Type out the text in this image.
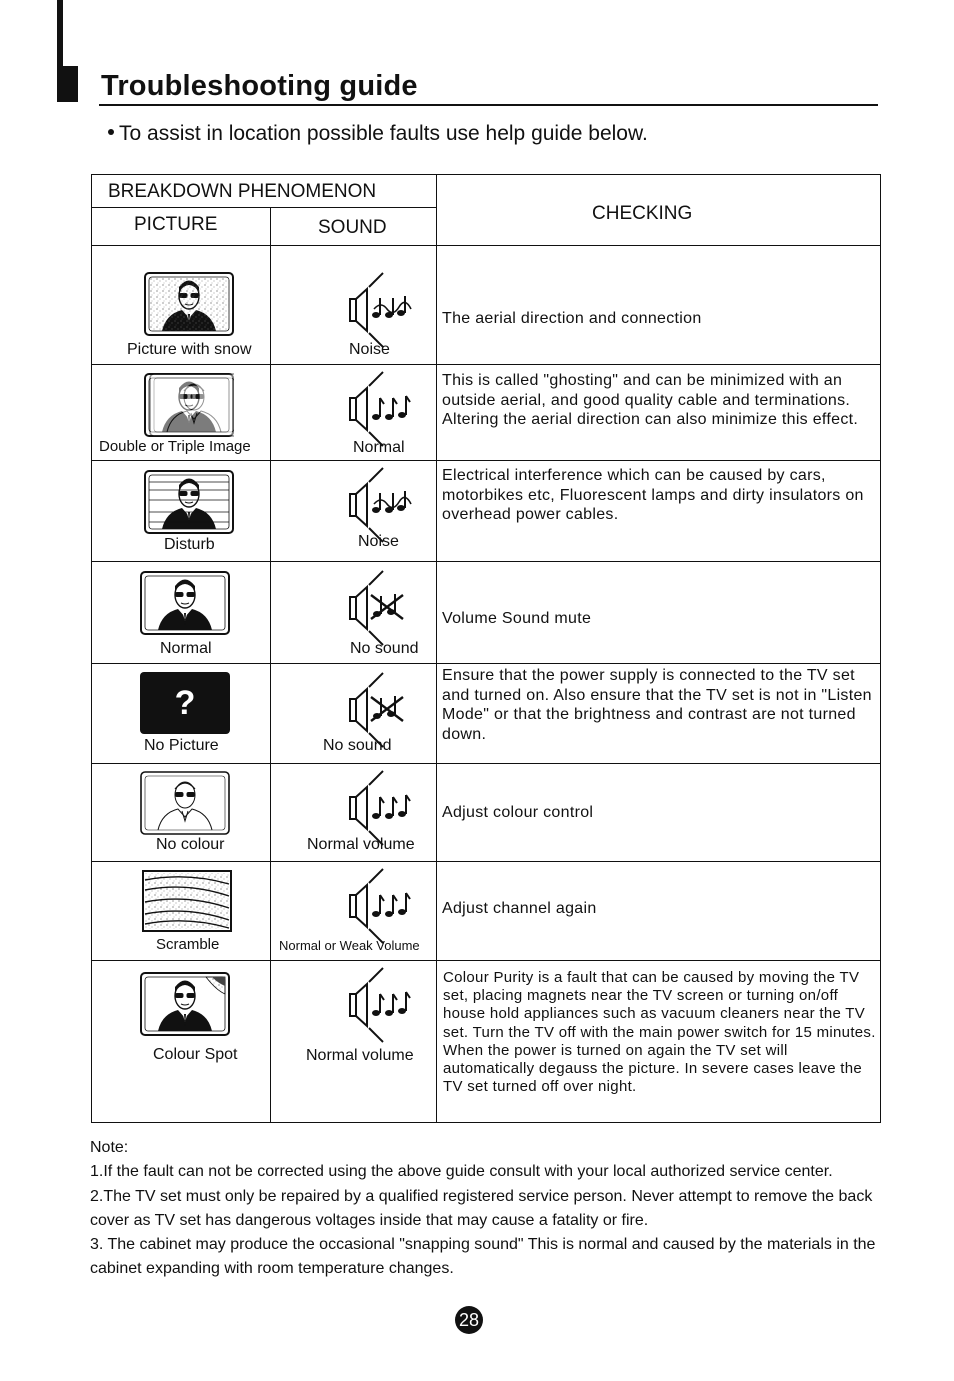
Troubleshooting guide
To assist in location possible faults use help guide below.
BREAKDOWN PHENOMENON
PICTURE	SOUND
CHECKING
Picture with snow	Noise
The aerial direction and connection
Double or Triple Image	Normal
This is called "ghosting" and can be minimized with an outside aerial, and good quality cable and terminations. Altering the aerial direction can also minimize this effect.
Disturb	Noise
Electrical interference which can be caused by cars, motorbikes etc, Fluorescent lamps and dirty insulators on overhead power cables.
Normal	No sound
Volume Sound mute
?
No Picture	No sound
Ensure that the power supply is connected to the TV set and turned on. Also ensure that the TV set is not in "Listen Mode" or that the brightness and contrast are not turned down.
No colour	Normal volume
Adjust colour control
Scramble	Normal or Weak Volume
Adjust channel again
Colour Spot	Normal volume
Colour Purity is a fault that can be caused by moving the TV set, placing magnets near the TV screen or turning on/off house hold appliances such as vacuum cleaners near the TV set. Turn the TV off with the main power switch for 15 minutes. When the power is turned on again the TV set will automatically degauss the picture. In severe cases leave the TV set turned off over night.

Note:

1.If the fault can not be corrected using the above guide consult with your local authorized service center.

2.The TV set must only be repaired by a qualified registered service person. Never attempt to remove the back cover as TV set has dangerous voltages inside that may cause a fatality or fire.

3. The cabinet may produce the occasional "snapping sound" This is normal and caused by the materials in the cabinet expanding with room temperature changes.

28
